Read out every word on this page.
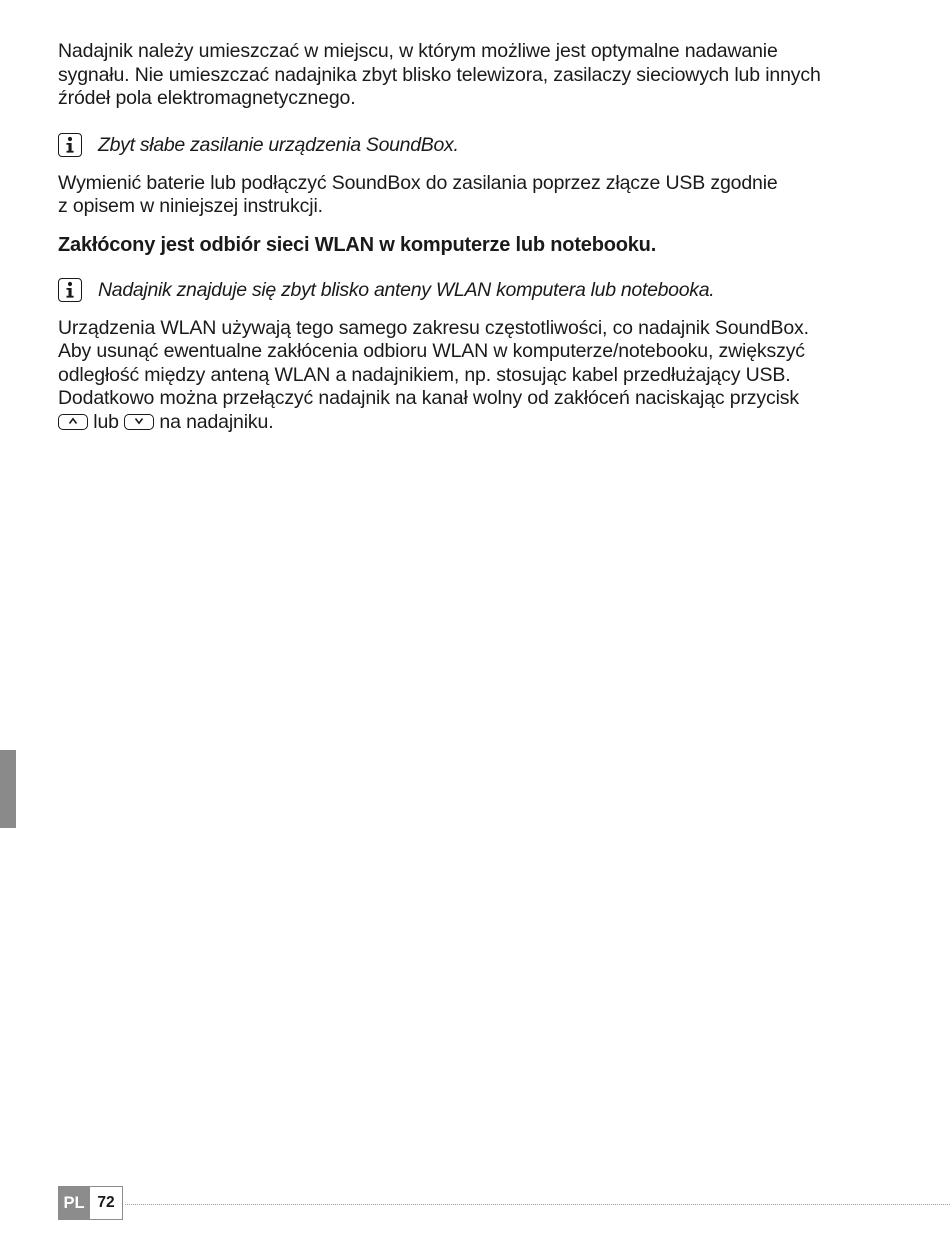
Nadajnik należy umieszczać w miejscu, w którym możliwe jest optymalne nadawanie
sygnału. Nie umieszczać nadajnika zbyt blisko telewizora, zasilaczy sieciowych lub innych
źródeł pola elektromagnetycznego.

Zbyt słabe zasilanie urządzenia SoundBox.

Wymienić baterie lub podłączyć SoundBox do zasilania poprzez złącze USB zgodnie
z opisem w niniejszej instrukcji.

Zakłócony jest odbiór sieci WLAN w komputerze lub notebooku.
Nadajnik znajduje się zbyt blisko anteny WLAN komputera lub notebooka.

Urządzenia WLAN używają tego samego zakresu częstotliwości, co nadajnik SoundBox.
Aby usunąć ewentualne zakłócenia odbioru WLAN w komputerze/notebooku, zwiększyć
odległość między anteną WLAN a nadajnikiem, np. stosując kabel przedłużający USB.
Dodatkowo można przełączyć nadajnik na kanał wolny od zakłóceń naciskając przycisk

lub na nadajniku.

PL 72
